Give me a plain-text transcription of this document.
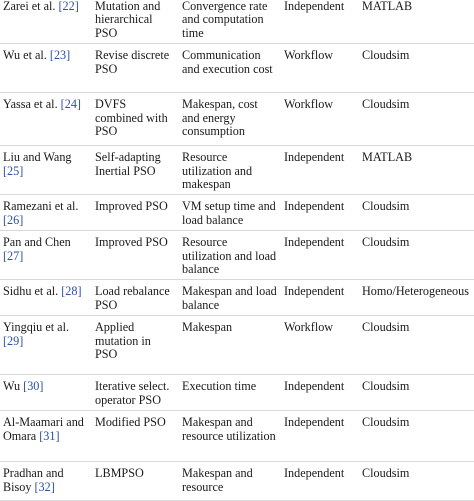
Zarei et al. [22]	Mutation and hierarchical PSO	Convergence rate and computation time	Independent	MATLAB
Wu et al. [23]	Revise discrete PSO	Communication and execution cost	Workflow	Cloudsim
Yassa et al. [24]	DVFS combined with PSO	Makespan, cost and energy consumption	Workflow	Cloudsim
Liu and Wang [25]	Self-adapting Inertial PSO	Resource utilization and makespan	Independent	MATLAB
Ramezani et al. [26]	Improved PSO	VM setup time and load balance	Independent	Cloudsim
Pan and Chen [27]	Improved PSO	Resource utilization and load balance	Independent	Cloudsim
Sidhu et al. [28]	Load rebalance PSO	Makespan and load balance	Independent	Homo/Heterogeneous
Yingqiu et al. [29]	Applied mutation in PSO	Makespan	Workflow	Cloudsim
Wu [30]	Iterative select. operator PSO	Execution time	Independent	Cloudsim
Al-Maamari and Omara [31]	Modified PSO	Makespan and resource utilization	Independent	Cloudsim
Pradhan and Bisoy [32]	LBMPSO	Makespan and resource	Independent	Cloudsim
